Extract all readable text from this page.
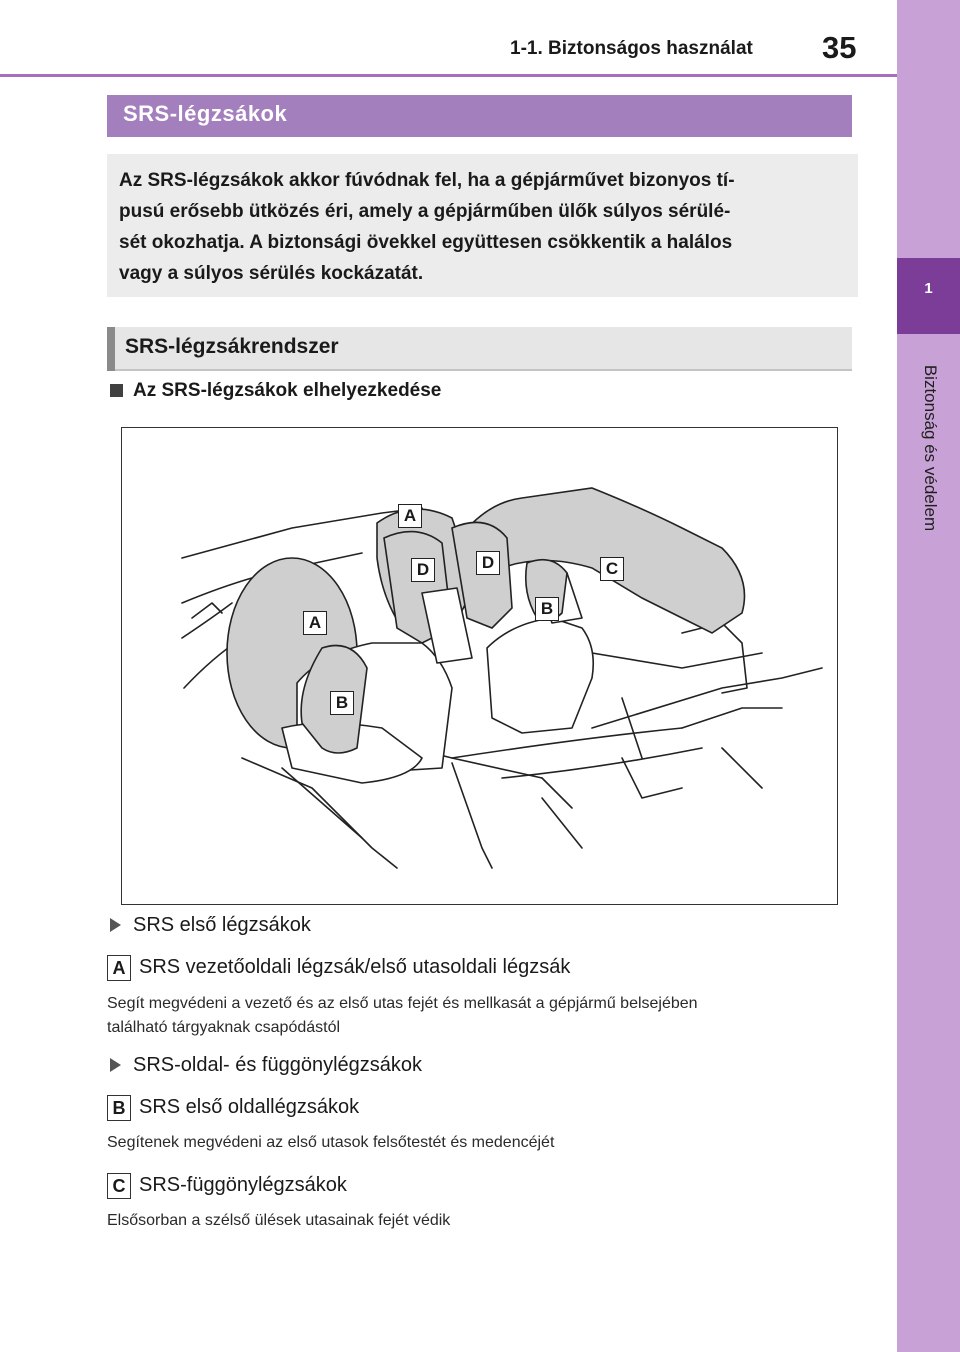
1
Biztonság és védelem
1-1. Biztonságos használat 35
SRS-légzsákok
Az SRS-légzsákok akkor fúvódnak fel, ha a gépjárművet bizonyos tí-
pusú erősebb ütközés éri, amely a gépjárműben ülők súlyos sérülé-
sét okozhatja. A biztonsági övekkel együttesen csökkentik a halálos
vagy a súlyos sérülés kockázatát.
SRS-légzsákrendszer
Az SRS-légzsákok elhelyezkedése
A
A
D	D
B
B
C
SRS első légzsákok
A SRS vezetőoldali légzsák/első utasoldali légzsák
Segít megvédeni a vezető és az első utas fejét és mellkasát a gépjármű belsejében
található tárgyaknak csapódástól
SRS-oldal- és függönylégzsákok
B SRS első oldallégzsákok
Segítenek megvédeni az első utasok felsőtestét és medencéjét
C SRS-függönylégzsákok
Elsősorban a szélső ülések utasainak fejét védik
